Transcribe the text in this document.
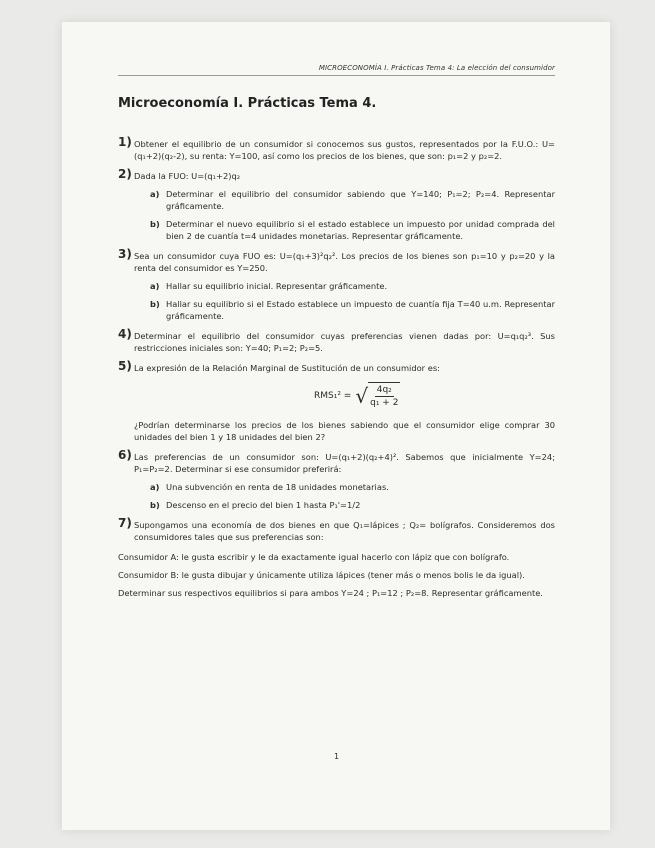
MICROECONOMÍA I. Prácticas Tema 4: La elección del consumidor
Microeconomía I. Prácticas Tema 4.
1) Obtener el equilibrio de un consumidor si conocemos sus gustos, representados por la F.U.O.: U= (q₁+2)(q₂-2), su renta: Y=100, así como los precios de los bienes, que son: p₁=2 y p₂=2.
2) Dada la FUO: U=(q₁+2)q₂
a) Determinar el equilibrio del consumidor sabiendo que Y=140; P₁=2; P₂=4. Representar gráficamente.
b) Determinar el nuevo equilibrio si el estado establece un impuesto por unidad comprada del bien 2 de cuantía t=4 unidades monetarias. Representar gráficamente.
3) Sea un consumidor cuya FUO es: U=(q₁+3)²q₂². Los precios de los bienes son p₁=10 y p₂=20 y la renta del consumidor es Y=250.
a) Hallar su equilibrio inicial. Representar gráficamente.
b) Hallar su equilibrio si el Estado establece un impuesto de cuantía fija T=40 u.m. Representar gráficamente.
4) Determinar el equilibrio del consumidor cuyas preferencias vienen dadas por: U=q₁q₂³. Sus restricciones iniciales son: Y=40; P₁=2; P₂=5.
5) La expresión de la Relación Marginal de Sustitución de un consumidor es:
RMS₁² = √ $\frac{\text{4q₂}}{\text{q₁ + 2}}$
¿Podrían determinarse los precios de los bienes sabiendo que el consumidor elige comprar 30 unidades del bien 1 y 18 unidades del bien 2?
6) Las preferencias de un consumidor son: U=(q₁+2)(q₂+4)². Sabemos que inicialmente Y=24; P₁=P₂=2. Determinar si ese consumidor preferirá:
a) Una subvención en renta de 18 unidades monetarias.
b) Descenso en el precio del bien 1 hasta P₁'=1/2
7) Supongamos una economía de dos bienes en que Q₁=lápices ; Q₂= bolígrafos. Consideremos dos consumidores tales que sus preferencias son:
Consumidor A: le gusta escribir y le da exactamente igual hacerlo con lápiz que con bolígrafo.
Consumidor B: le gusta dibujar y únicamente utiliza lápices (tener más o menos bolis le da igual).
Determinar sus respectivos equilibrios si para ambos Y=24 ; P₁=12 ; P₂=8. Representar gráficamente.
1
